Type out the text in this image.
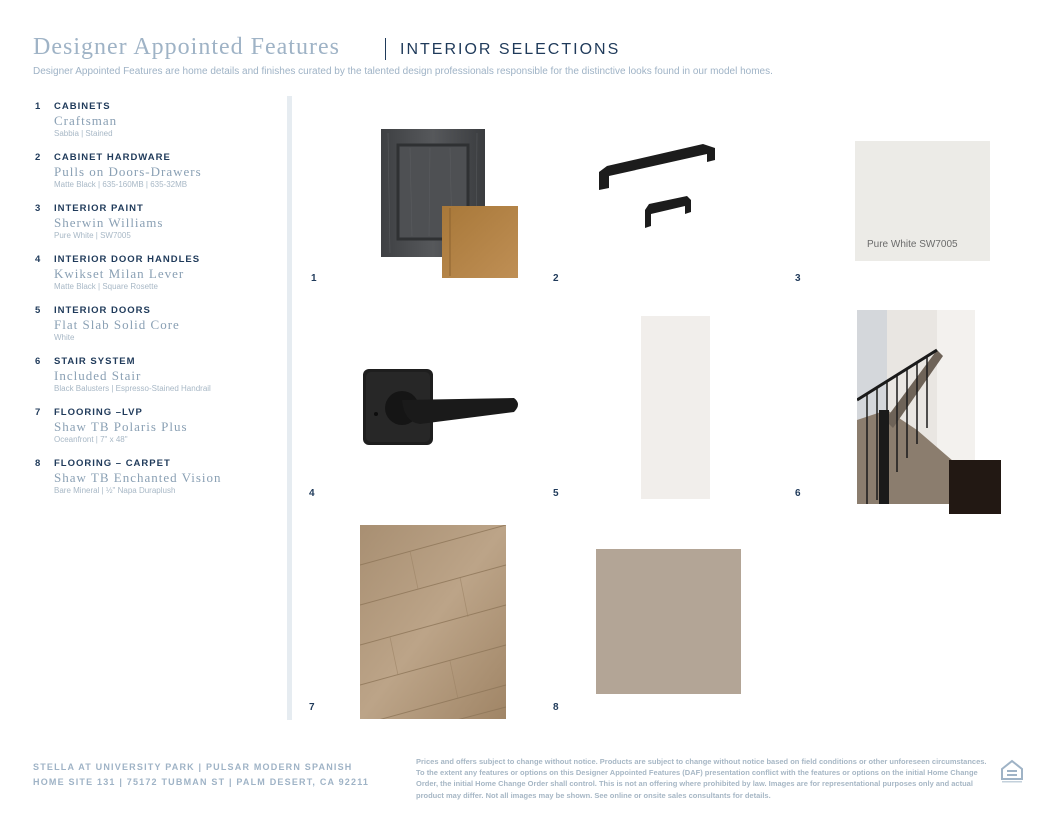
Designer Appointed Features	INTERIOR SELECTIONS
Designer Appointed Features are home details and finishes curated by the talented design professionals responsible for the distinctive looks found in our model homes.
1 CABINETS
Craftsman
Sabbia | Stained
2 CABINET HARDWARE
Pulls on Doors-Drawers
Matte Black | 635-160MB | 635-32MB
3 INTERIOR PAINT
Sherwin Williams
Pure White | SW7005
4 INTERIOR DOOR HANDLES
Kwikset Milan Lever
Matte Black | Square Rosette
5 INTERIOR DOORS
Flat Slab Solid Core
White
6 STAIR SYSTEM
Included Stair
Black Balusters | Espresso-Stained Handrail
7 FLOORING –LVP
Shaw TB Polaris Plus
Oceanfront | 7" x 48"
8 FLOORING – CARPET
Shaw TB Enchanted Vision
Bare Mineral | ½" Napa Duraplush
1	2	3
4	5	6
7	8
Pure White SW7005
STELLA AT UNIVERSITY PARK | PULSAR MODERN SPANISH
HOME SITE 131 | 75172 TUBMAN ST | PALM DESERT, CA 92211
Prices and offers subject to change without notice. Products are subject to change without notice based on field conditions or other unforeseen circumstances. To the extent any features or options on this Designer Appointed Features (DAF) presentation conflict with the features or options on the initial Home Change Order, the initial Home Change Order shall control. This is not an offering where prohibited by law. Images are for representational purposes only and actual product may differ. Not all images may be shown. See online or onsite sales consultants for details.
